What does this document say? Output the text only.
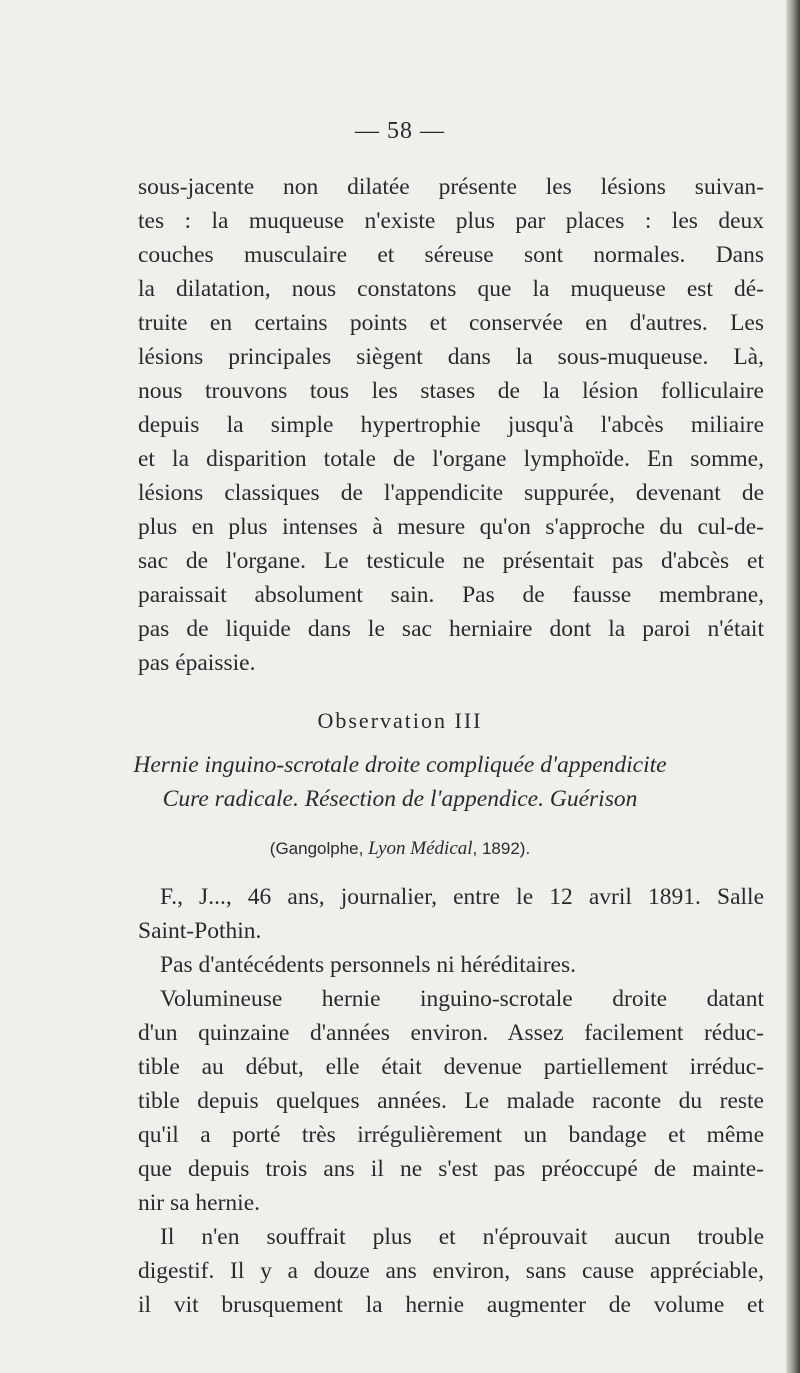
— 58 —
sous-jacente non dilatée présente les lésions suivan-
tes : la muqueuse n'existe plus par places : les deux
couches musculaire et séreuse sont normales. Dans
la dilatation, nous constatons que la muqueuse est dé-
truite en certains points et conservée en d'autres. Les
lésions principales siègent dans la sous-muqueuse. Là,
nous trouvons tous les stases de la lésion folliculaire
depuis la simple hypertrophie jusqu'à l'abcès miliaire
et la disparition totale de l'organe lymphoïde. En somme,
lésions classiques de l'appendicite suppurée, devenant de
plus en plus intenses à mesure qu'on s'approche du cul-de-
sac de l'organe. Le testicule ne présentait pas d'abcès et
paraissait absolument sain. Pas de fausse membrane,
pas de liquide dans le sac herniaire dont la paroi n'était
pas épaissie.
Observation III
Hernie inguino-scrotale droite compliquée d'appendicite
Cure radicale. Résection de l'appendice. Guérison
(Gangolphe, Lyon Médical, 1892).
F., J..., 46 ans, journalier, entre le 12 avril 1891. Salle
Saint-Pothin.
Pas d'antécédents personnels ni héréditaires.
Volumineuse hernie inguino-scrotale droite datant
d'un quinzaine d'années environ. Assez facilement réduc-
tible au début, elle était devenue partiellement irréduc-
tible depuis quelques années. Le malade raconte du reste
qu'il a porté très irrégulièrement un bandage et même
que depuis trois ans il ne s'est pas préoccupé de mainte-
nir sa hernie.
Il n'en souffrait plus et n'éprouvait aucun trouble
digestif. Il y a douze ans environ, sans cause appréciable,
il vit brusquement la hernie augmenter de volume et
